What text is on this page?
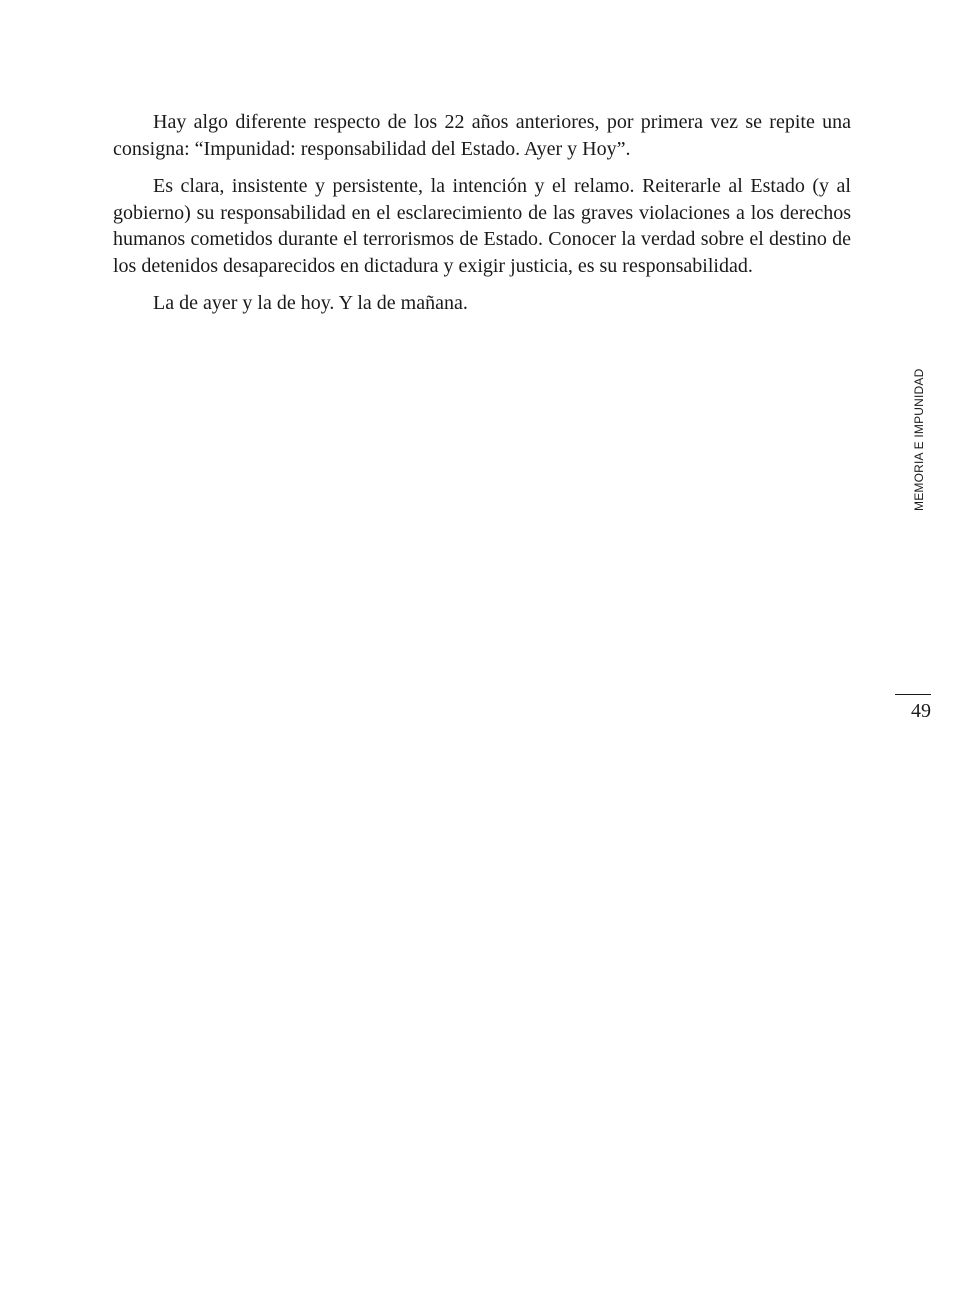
Hay algo diferente respecto de los 22 años anteriores, por primera vez se repite una consigna: “Impunidad: responsabilidad del Estado. Ayer y Hoy”.

Es clara, insistente y persistente, la intención y el relamo. Reiterarle al Estado (y al gobierno) su responsabilidad en el esclarecimiento de las graves violaciones a los derechos humanos cometidos durante el terrorismos de Estado. Conocer la verdad sobre el destino de los detenidos desaparecidos en dictadura y exigir justicia, es su responsabilidad.

La de ayer y la de hoy. Y la de mañana.

MEMORIA E IMPUNIDAD
49
